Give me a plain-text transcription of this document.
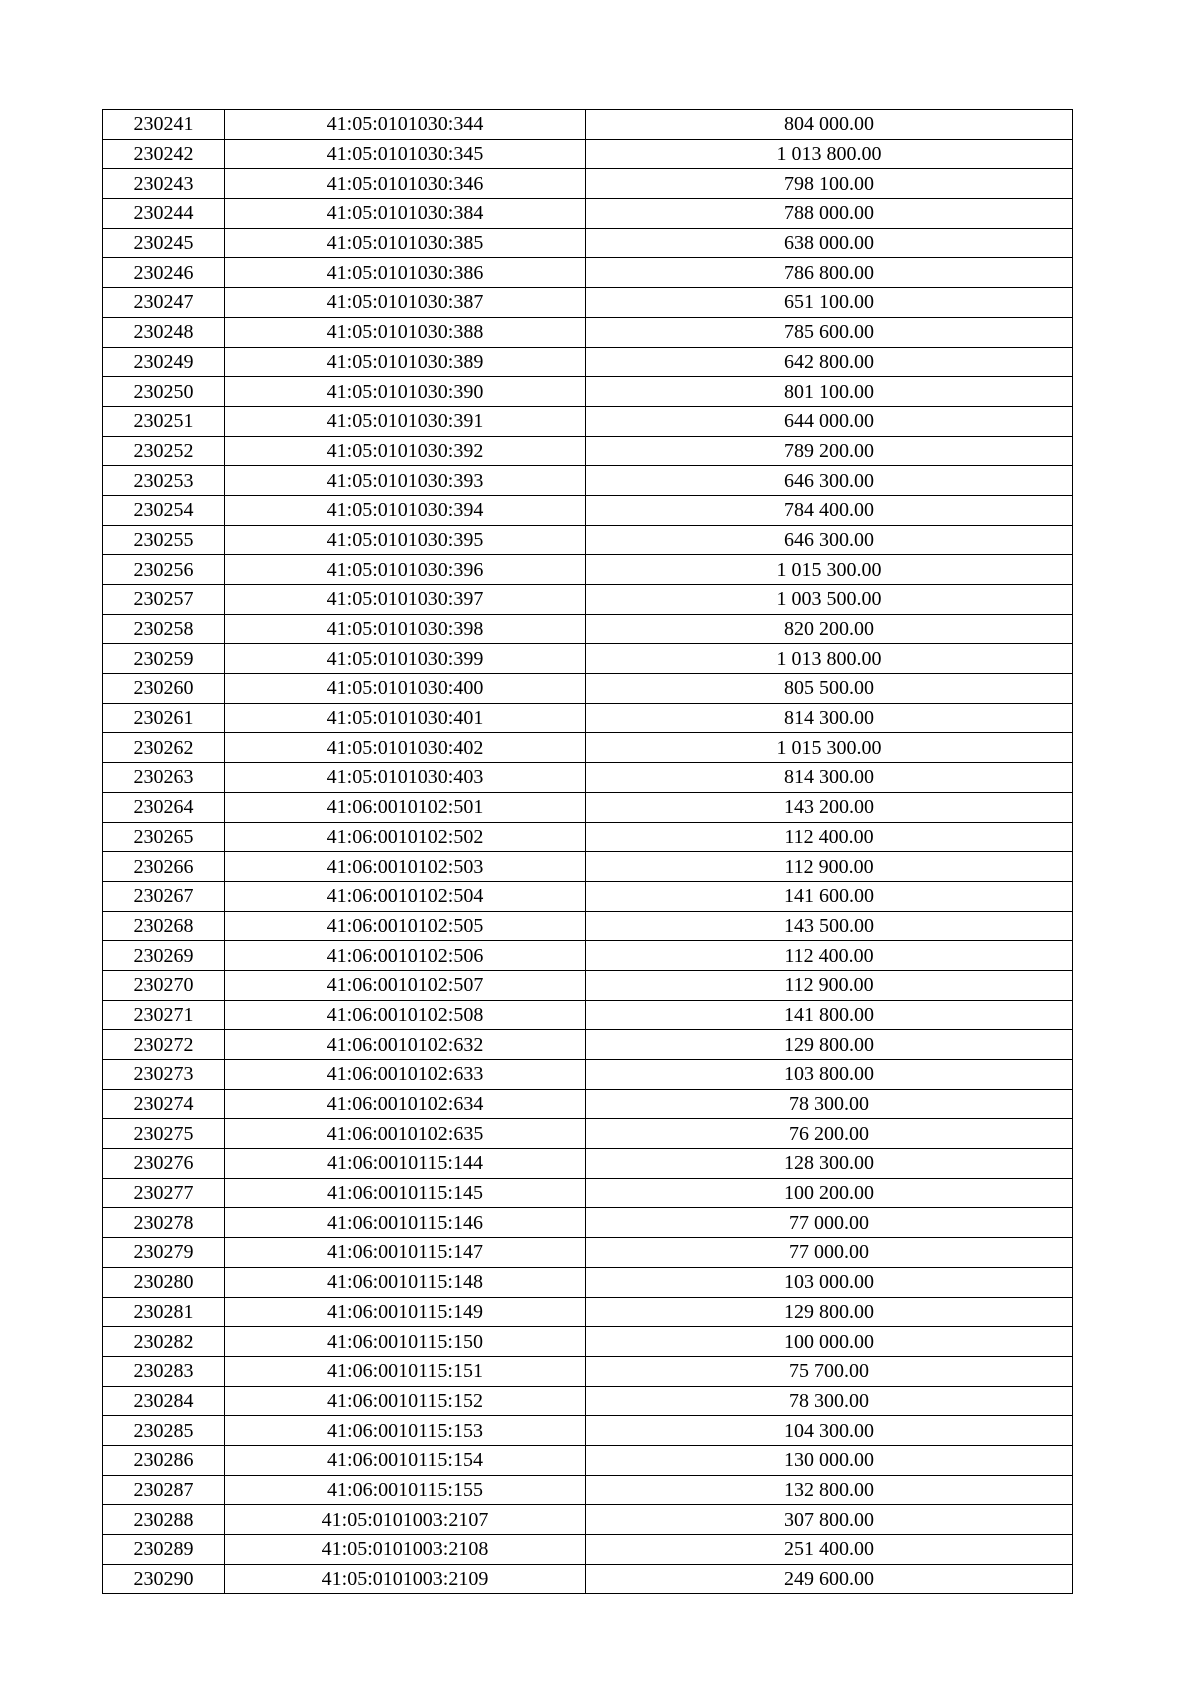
230241	41:05:0101030:344	804 000.00
230242	41:05:0101030:345	1 013 800.00
230243	41:05:0101030:346	798 100.00
230244	41:05:0101030:384	788 000.00
230245	41:05:0101030:385	638 000.00
230246	41:05:0101030:386	786 800.00
230247	41:05:0101030:387	651 100.00
230248	41:05:0101030:388	785 600.00
230249	41:05:0101030:389	642 800.00
230250	41:05:0101030:390	801 100.00
230251	41:05:0101030:391	644 000.00
230252	41:05:0101030:392	789 200.00
230253	41:05:0101030:393	646 300.00
230254	41:05:0101030:394	784 400.00
230255	41:05:0101030:395	646 300.00
230256	41:05:0101030:396	1 015 300.00
230257	41:05:0101030:397	1 003 500.00
230258	41:05:0101030:398	820 200.00
230259	41:05:0101030:399	1 013 800.00
230260	41:05:0101030:400	805 500.00
230261	41:05:0101030:401	814 300.00
230262	41:05:0101030:402	1 015 300.00
230263	41:05:0101030:403	814 300.00
230264	41:06:0010102:501	143 200.00
230265	41:06:0010102:502	112 400.00
230266	41:06:0010102:503	112 900.00
230267	41:06:0010102:504	141 600.00
230268	41:06:0010102:505	143 500.00
230269	41:06:0010102:506	112 400.00
230270	41:06:0010102:507	112 900.00
230271	41:06:0010102:508	141 800.00
230272	41:06:0010102:632	129 800.00
230273	41:06:0010102:633	103 800.00
230274	41:06:0010102:634	78 300.00
230275	41:06:0010102:635	76 200.00
230276	41:06:0010115:144	128 300.00
230277	41:06:0010115:145	100 200.00
230278	41:06:0010115:146	77 000.00
230279	41:06:0010115:147	77 000.00
230280	41:06:0010115:148	103 000.00
230281	41:06:0010115:149	129 800.00
230282	41:06:0010115:150	100 000.00
230283	41:06:0010115:151	75 700.00
230284	41:06:0010115:152	78 300.00
230285	41:06:0010115:153	104 300.00
230286	41:06:0010115:154	130 000.00
230287	41:06:0010115:155	132 800.00
230288	41:05:0101003:2107	307 800.00
230289	41:05:0101003:2108	251 400.00
230290	41:05:0101003:2109	249 600.00
